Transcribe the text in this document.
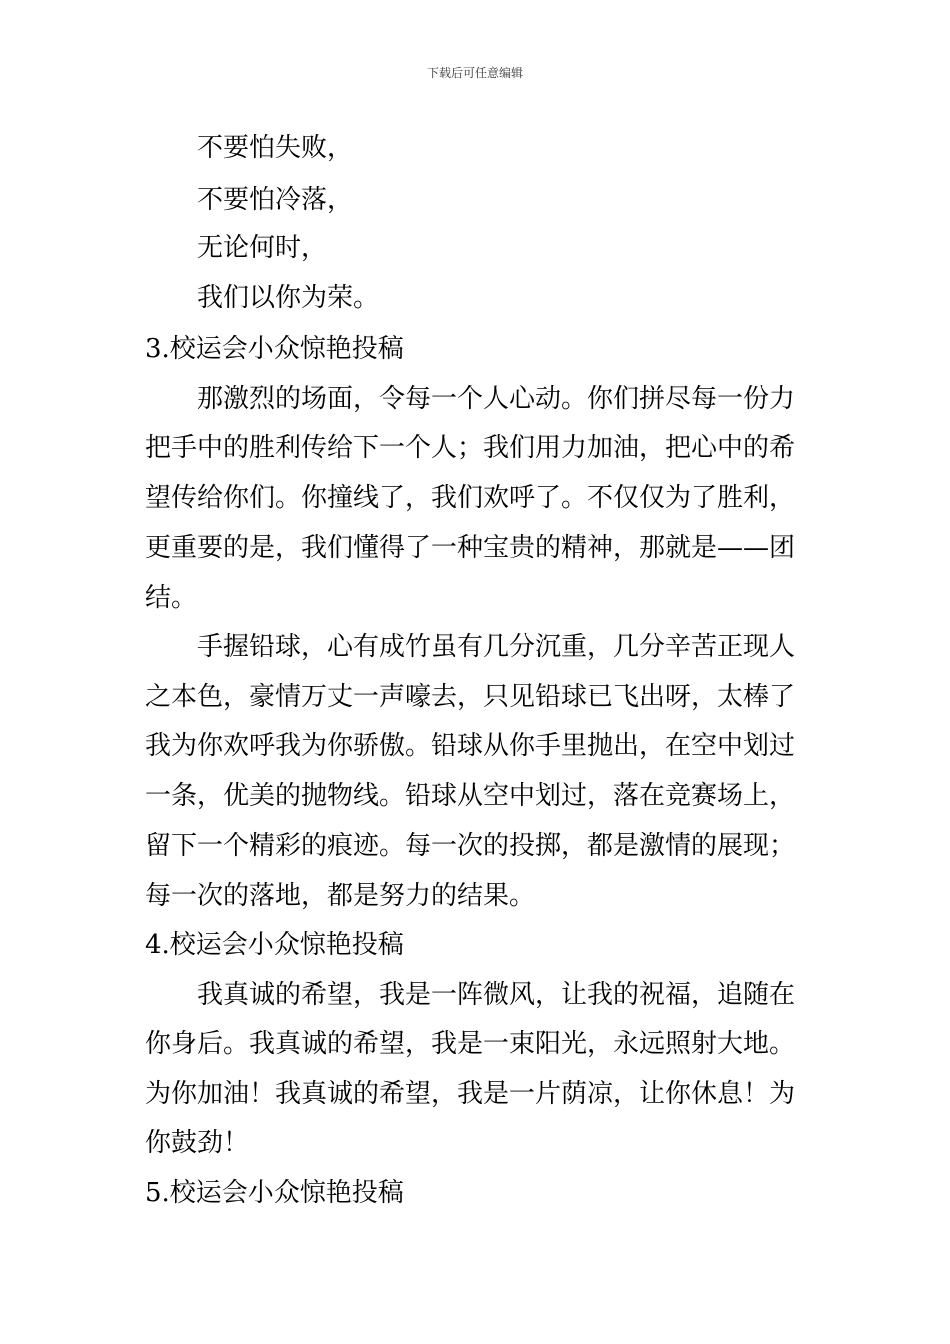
下载后可任意编辑
不要怕失败，
不要怕冷落，
无论何时，
我们以你为荣。
3.校运会小众惊艳投稿
那激烈的场面，令每一个人心动。你们拼尽每一份力
把手中的胜利传给下一个人；我们用力加油，把心中的希
望传给你们。你撞线了，我们欢呼了。不仅仅为了胜利，
更重要的是，我们懂得了一种宝贵的精神，那就是——团
结。
手握铅球，心有成竹虽有几分沉重，几分辛苦正现人
之本色，豪情万丈一声嚎去，只见铅球已飞出呀，太棒了
我为你欢呼我为你骄傲。铅球从你手里抛出，在空中划过
一条，优美的抛物线。铅球从空中划过，落在竞赛场上，
留下一个精彩的痕迹。每一次的投掷，都是激情的展现；
每一次的落地，都是努力的结果。
4.校运会小众惊艳投稿
我真诚的希望，我是一阵微风，让我的祝福，追随在
你身后。我真诚的希望，我是一束阳光，永远照射大地。
为你加油！我真诚的希望，我是一片荫凉，让你休息！为
你鼓劲！
5.校运会小众惊艳投稿
